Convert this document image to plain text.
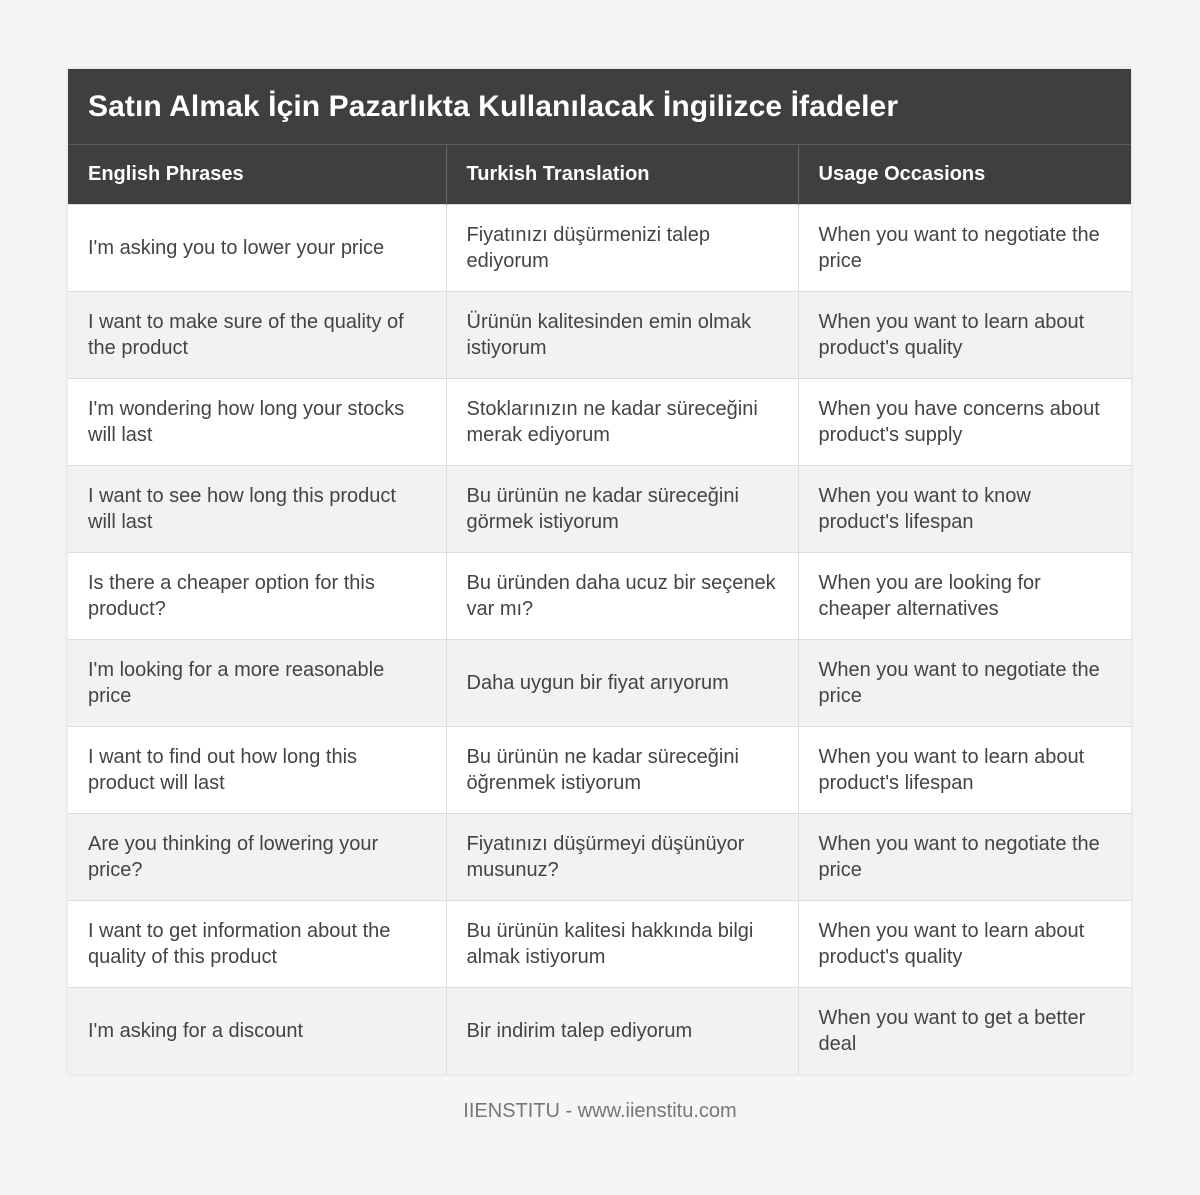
Satın Almak İçin Pazarlıkta Kullanılacak İngilizce İfadeler
English Phrases	Turkish Translation	Usage Occasions
I'm asking you to lower your price	Fiyatınızı düşürmenizi talep ediyorum	When you want to negotiate the price
I want to make sure of the quality of the product	Ürünün kalitesinden emin olmak istiyorum	When you want to learn about product's quality
I'm wondering how long your stocks will last	Stoklarınızın ne kadar süreceğini merak ediyorum	When you have concerns about product's supply
I want to see how long this product will last	Bu ürünün ne kadar süreceğini görmek istiyorum	When you want to know product's lifespan
Is there a cheaper option for this product?	Bu üründen daha ucuz bir seçenek var mı?	When you are looking for cheaper alternatives
I'm looking for a more reasonable price	Daha uygun bir fiyat arıyorum	When you want to negotiate the price
I want to find out how long this product will last	Bu ürünün ne kadar süreceğini öğrenmek istiyorum	When you want to learn about product's lifespan
Are you thinking of lowering your price?	Fiyatınızı düşürmeyi düşünüyor musunuz?	When you want to negotiate the price
I want to get information about the quality of this product	Bu ürünün kalitesi hakkında bilgi almak istiyorum	When you want to learn about product's quality
I'm asking for a discount	Bir indirim talep ediyorum	When you want to get a better deal
IIENSTITU - www.iienstitu.com
